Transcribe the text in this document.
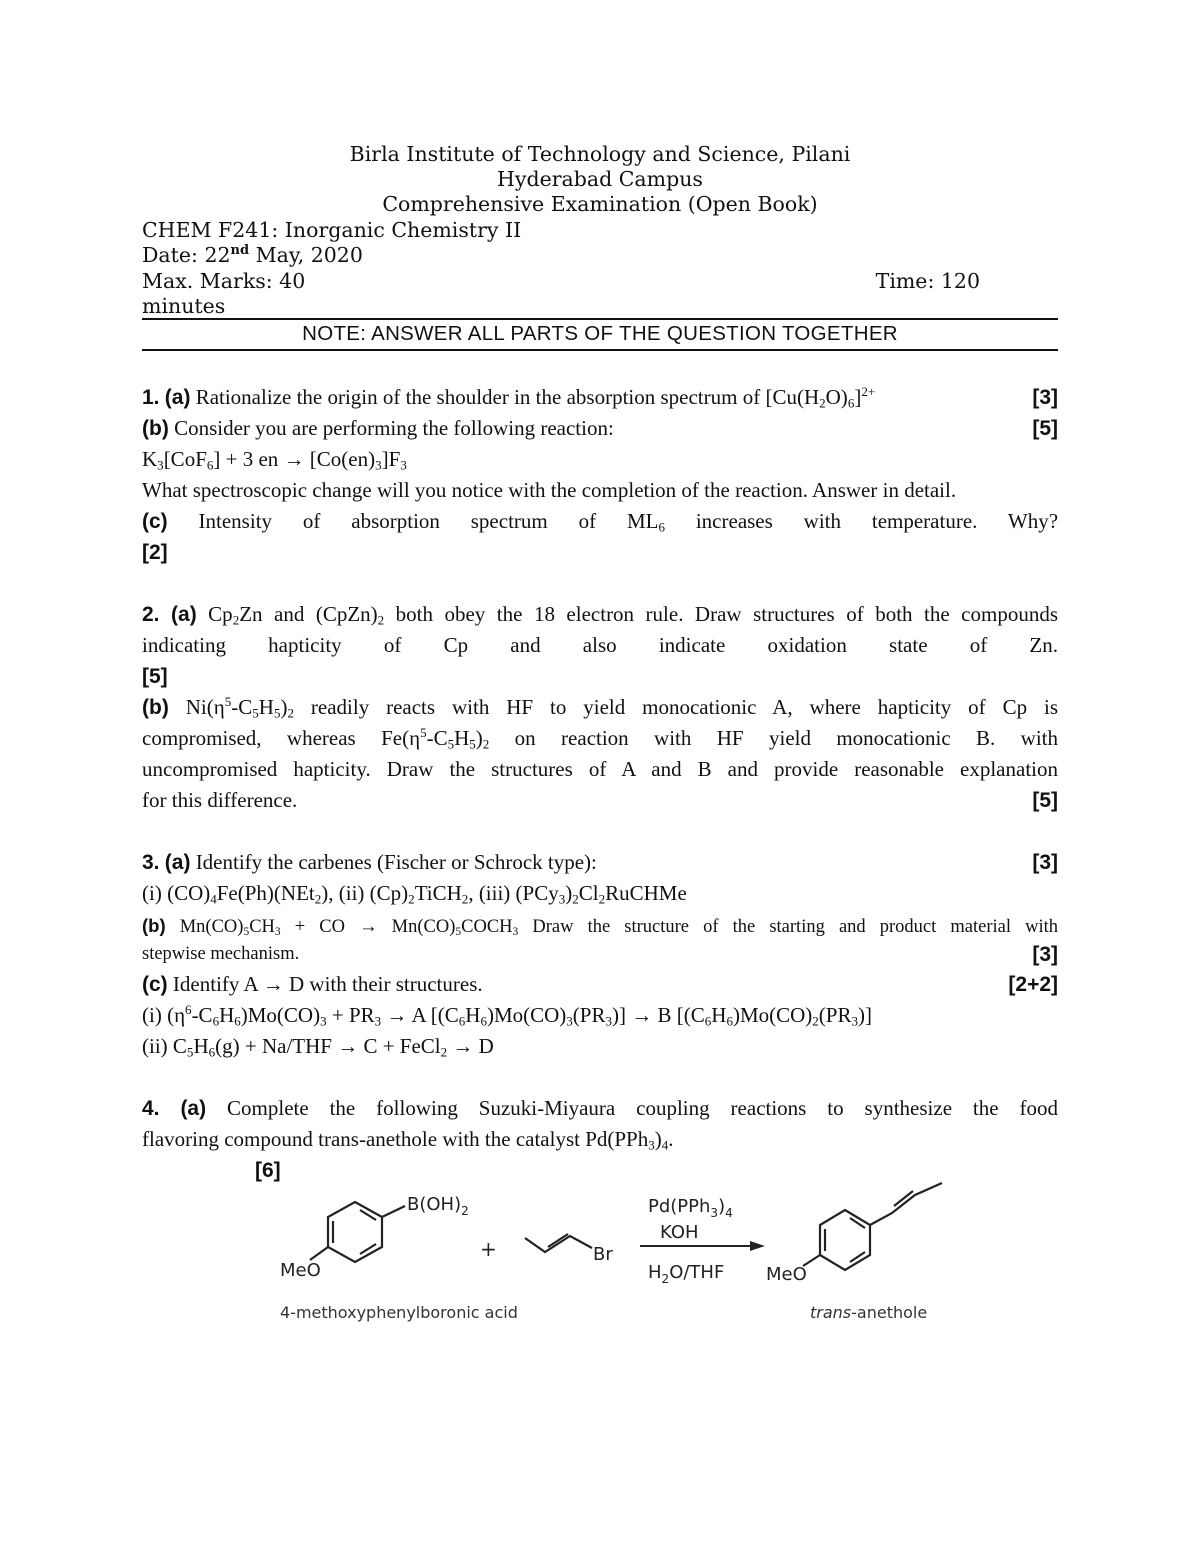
Birla Institute of Technology and Science, Pilani
Hyderabad Campus
Comprehensive Examination (Open Book)
CHEM F241: Inorganic Chemistry II
Date: 22nd May, 2020
Max. Marks: 40	Time: 120
minutes
NOTE: ANSWER ALL PARTS OF THE QUESTION TOGETHER
1. (a) Rationalize the origin of the shoulder in the absorption spectrum of $[Cu(H_2O)_6]^{2+}$	[3]
(b) Consider you are performing the following reaction:	[5]
$K_3[CoF_6] + 3$ en → $[Co(en)_3]F_3$
What spectroscopic change will you notice with the completion of the reaction. Answer in detail.
(c) Intensity of absorption spectrum of $ML_6$ increases with temperature. Why?
[2]
2. (a) $Cp_2Zn$ and $(CpZn)_2$ both obey the 18 electron rule. Draw structures of both the compounds
indicating hapticity of Cp and also indicate oxidation state of Zn.
[5]
(b) $Ni(\eta^5-C_5H_5)_2$ readily reacts with HF to yield monocationic A, where hapticity of Cp is
compromised, whereas $Fe(\eta^5-C_5H_5)_2$ on reaction with HF yield monocationic B. with
uncompromised hapticity. Draw the structures of A and B and provide reasonable explanation
for this difference.	[5]
3. (a) Identify the carbenes (Fischer or Schrock type):	[3]
(i) $(CO)_4Fe(Ph)(NEt_2)$, (ii) $(Cp)_2TiCH_2$, (iii) $(PCy_3)_2Cl_2RuCHMe$
(b) $Mn(CO)_5CH_3$ + CO → $Mn(CO)_5COCH_3$ Draw the structure of the starting and product material with
stepwise mechanism.	[3]
(c) Identify A → D with their structures.	[2+2]
(i) $(\eta^6-C_6H_6)Mo(CO)_3 + PR_3 \to A$ $[(C_6H_6)Mo(CO)_3(PR_3)] \to B$ $[(C_6H_6)Mo(CO)_2(PR_3)]$
(ii) $C_5H_6(g) + Na/THF \to C$ + FeCl$_2$ → D
4. (a) Complete the following Suzuki-Miyaura coupling reactions to synthesize the food
flavoring compound trans-anethole with the catalyst $Pd(PPh_3)_4$.
[6]
$B(OH)_2$
MeO
+	Br
$Pd(PPh_3)_4$
KOH
$H_2O$/THF MeO
4-methoxyphenylboronic acid	trans-anethole
